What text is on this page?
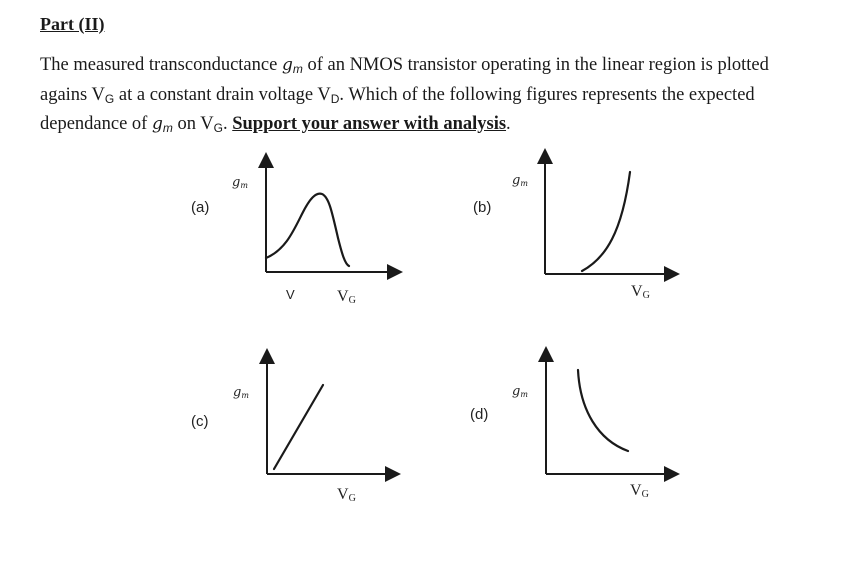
Part (II)
The measured transconductance $g_m$ of an NMOS transistor operating in the linear region is plotted agains $V_G$ at a constant drain voltage $V_D$. Which of the following figures represents the expected dependance of $g_m$ on $V_G$. Support your answer with analysis.
(a)	(b)
(c)	(d)
gm
V	VG
gm
VG
gm
VG
gm
VG
